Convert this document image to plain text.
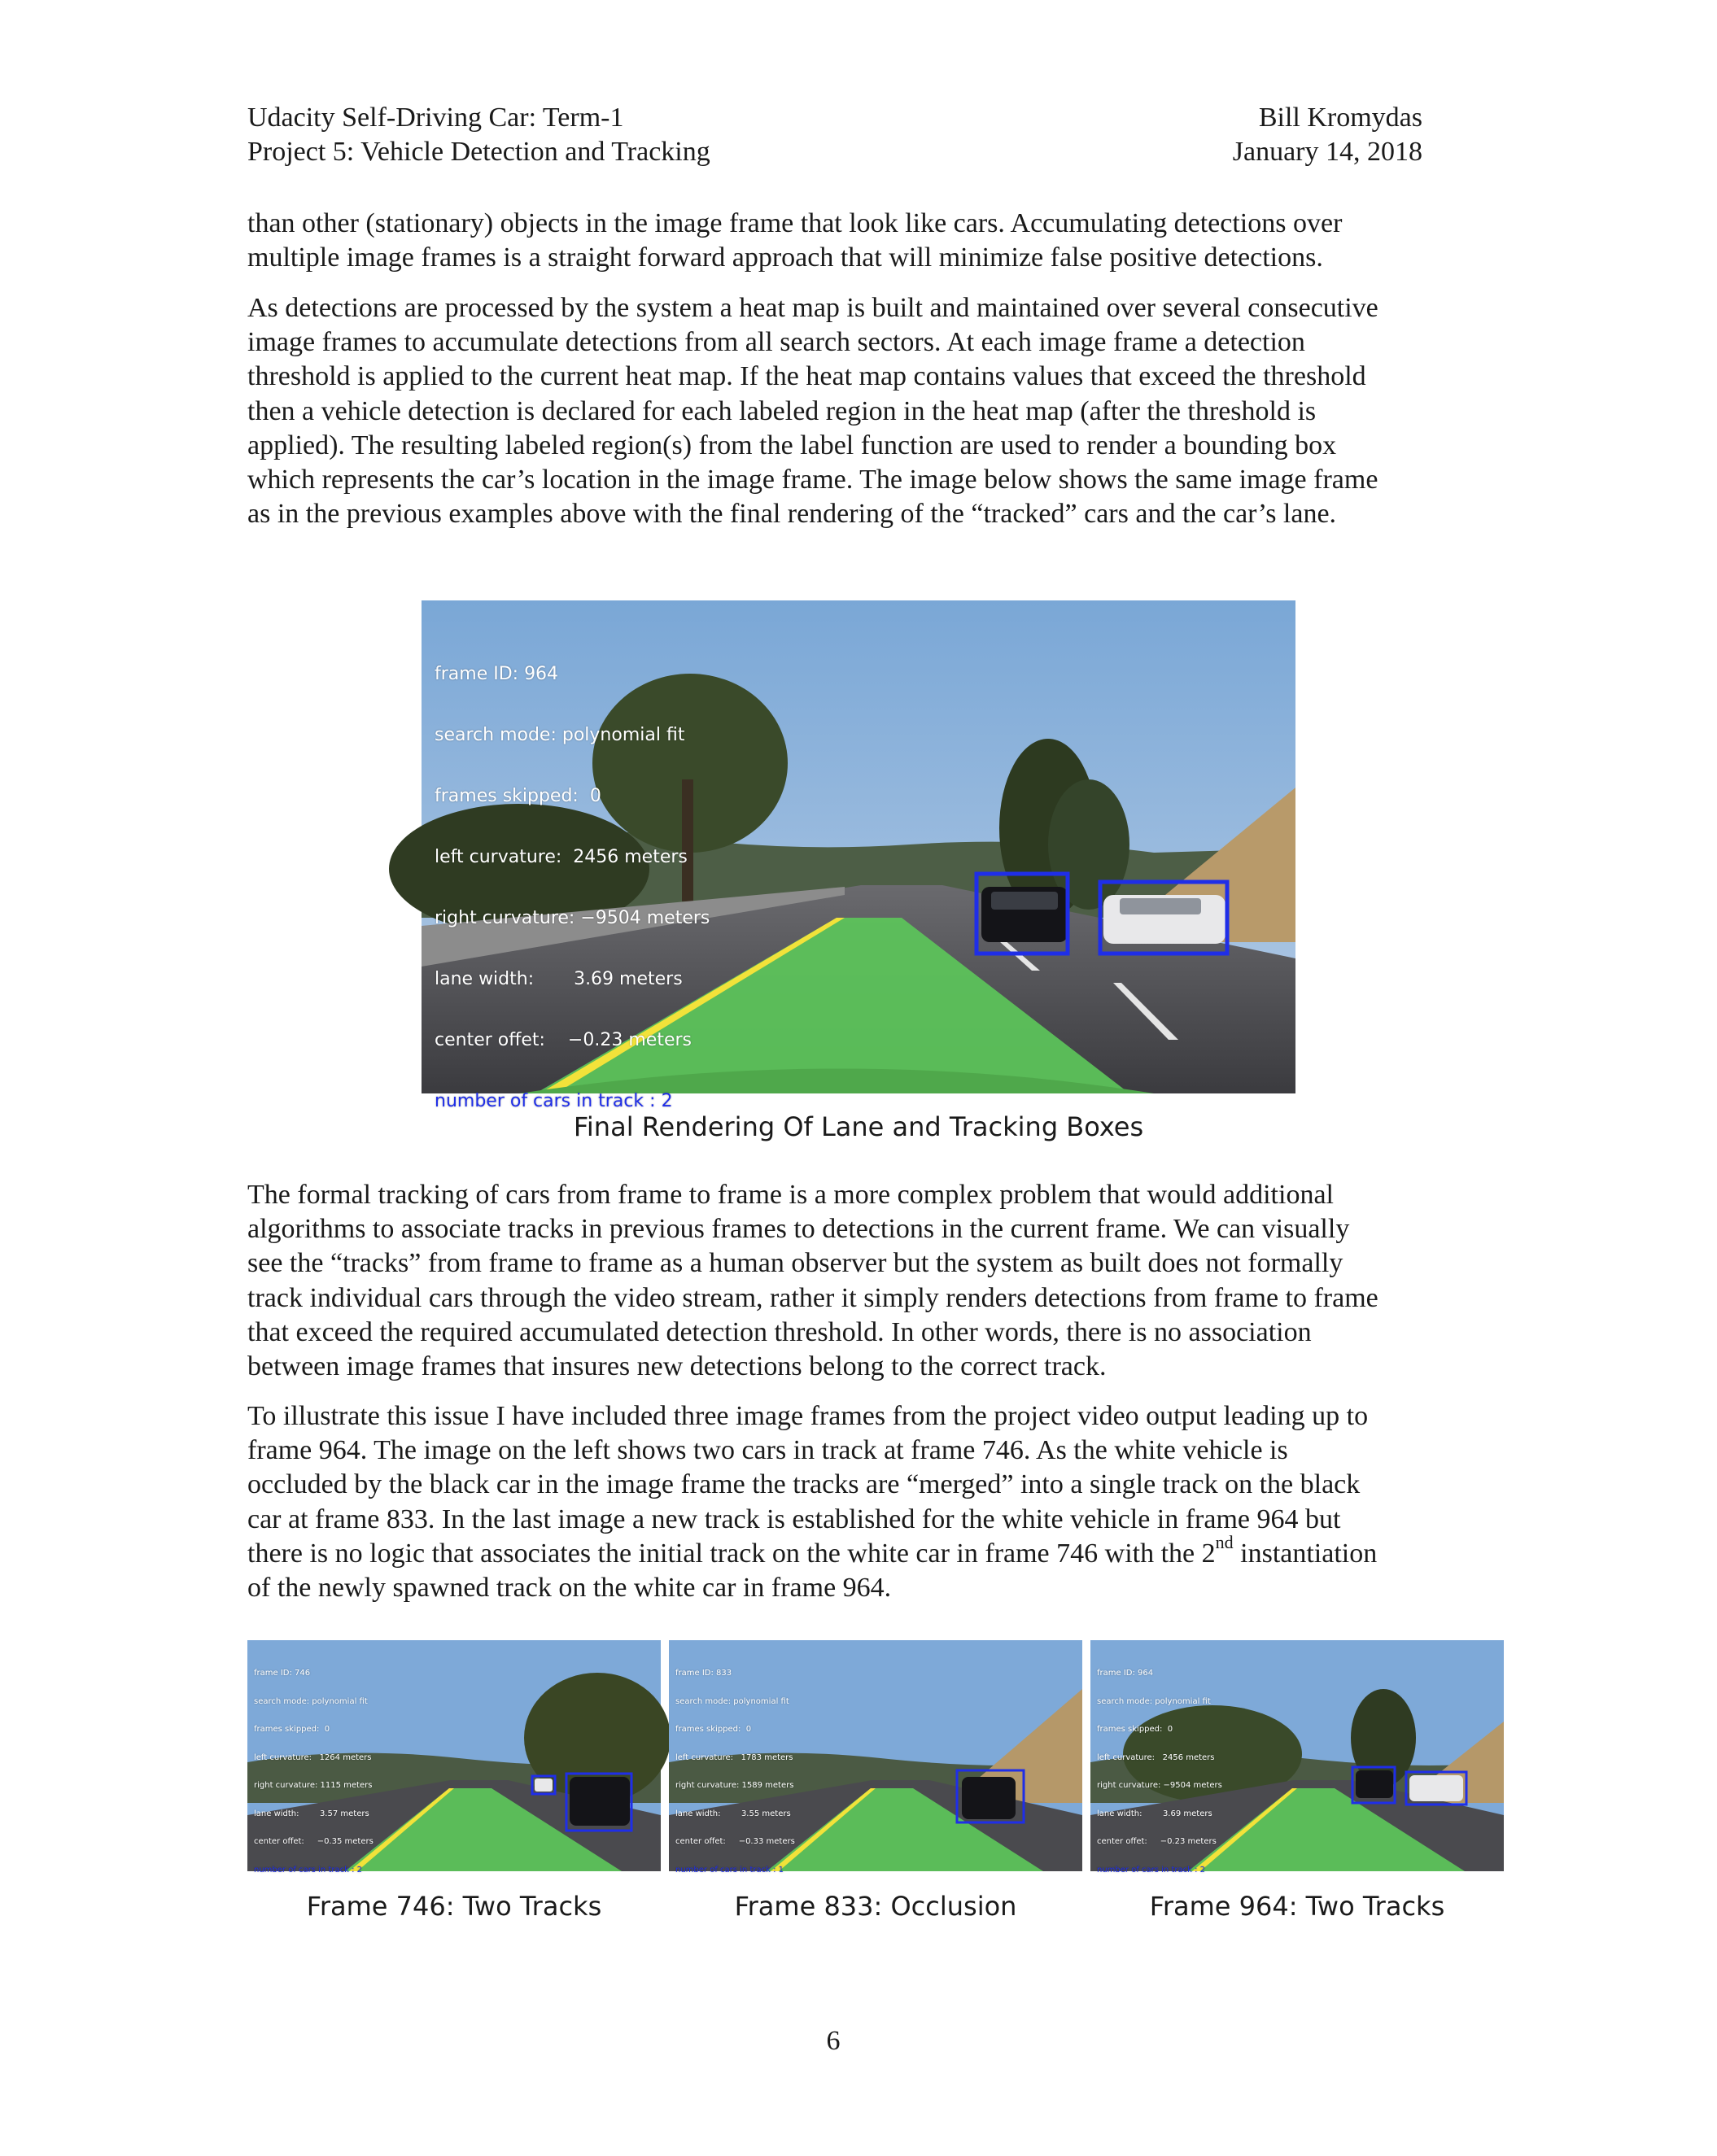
Udacity Self-Driving Car: Term-1
Project 5: Vehicle Detection and Tracking
Bill Kromydas
January 14, 2018

than other (stationary) objects in the image frame that look like cars. Accumulating detections over
multiple image frames is a straight forward approach that will minimize false positive detections.

As detections are processed by the system a heat map is built and maintained over several consecutive
image frames to accumulate detections from all search sectors. At each image frame a detection
threshold is applied to the current heat map. If the heat map contains values that exceed the threshold
then a vehicle detection is declared for each labeled region in the heat map (after the threshold is
applied). The resulting labeled region(s) from the label function are used to render a bounding box
which represents the car’s location in the image frame. The image below shows the same image frame
as in the previous examples above with the final rendering of the “tracked” cars and the car’s lane.

frame ID: 964

search mode: polynomial fit

frames skipped:  0

left curvature:  2456 meters

right curvature: −9504 meters

lane width:       3.69 meters

center offet:    −0.23 meters

number of cars in track : 2

Final Rendering Of Lane and Tracking Boxes

The formal tracking of cars from frame to frame is a more complex problem that would additional
algorithms to associate tracks in previous frames to detections in the current frame. We can visually
see the “tracks” from frame to frame as a human observer but the system as built does not formally
track individual cars through the video stream, rather it simply renders detections from frame to frame
that exceed the required accumulated detection threshold. In other words, there is no association
between image frames that insures new detections belong to the correct track.

To illustrate this issue I have included three image frames from the project video output leading up to
frame 964. The image on the left shows two cars in track at frame 746. As the white vehicle is
occluded by the black car in the image frame the tracks are “merged” into a single track on the black
car at frame 833. In the last image a new track is established for the white vehicle in frame 964 but
there is no logic that associates the initial track on the white car in frame 746 with the 2nd instantiation
of the newly spawned track on the white car in frame 964.

frame ID: 746

search mode: polynomial fit

frames skipped:  0

left curvature:   1264 meters

right curvature: 1115 meters

lane width:        3.57 meters

center offet:     −0.35 meters

number of cars in track : 2

frame ID: 833

search mode: polynomial fit

frames skipped:  0

left curvature:   1783 meters

right curvature: 1589 meters

lane width:        3.55 meters

center offet:     −0.33 meters

number of cars in track : 1

frame ID: 964

search mode: polynomial fit

frames skipped:  0

left curvature:   2456 meters

right curvature: −9504 meters

lane width:        3.69 meters

center offet:     −0.23 meters

number of cars in track : 2

Frame 746: Two Tracks	Frame 833: Occlusion	Frame 964: Two Tracks
6
